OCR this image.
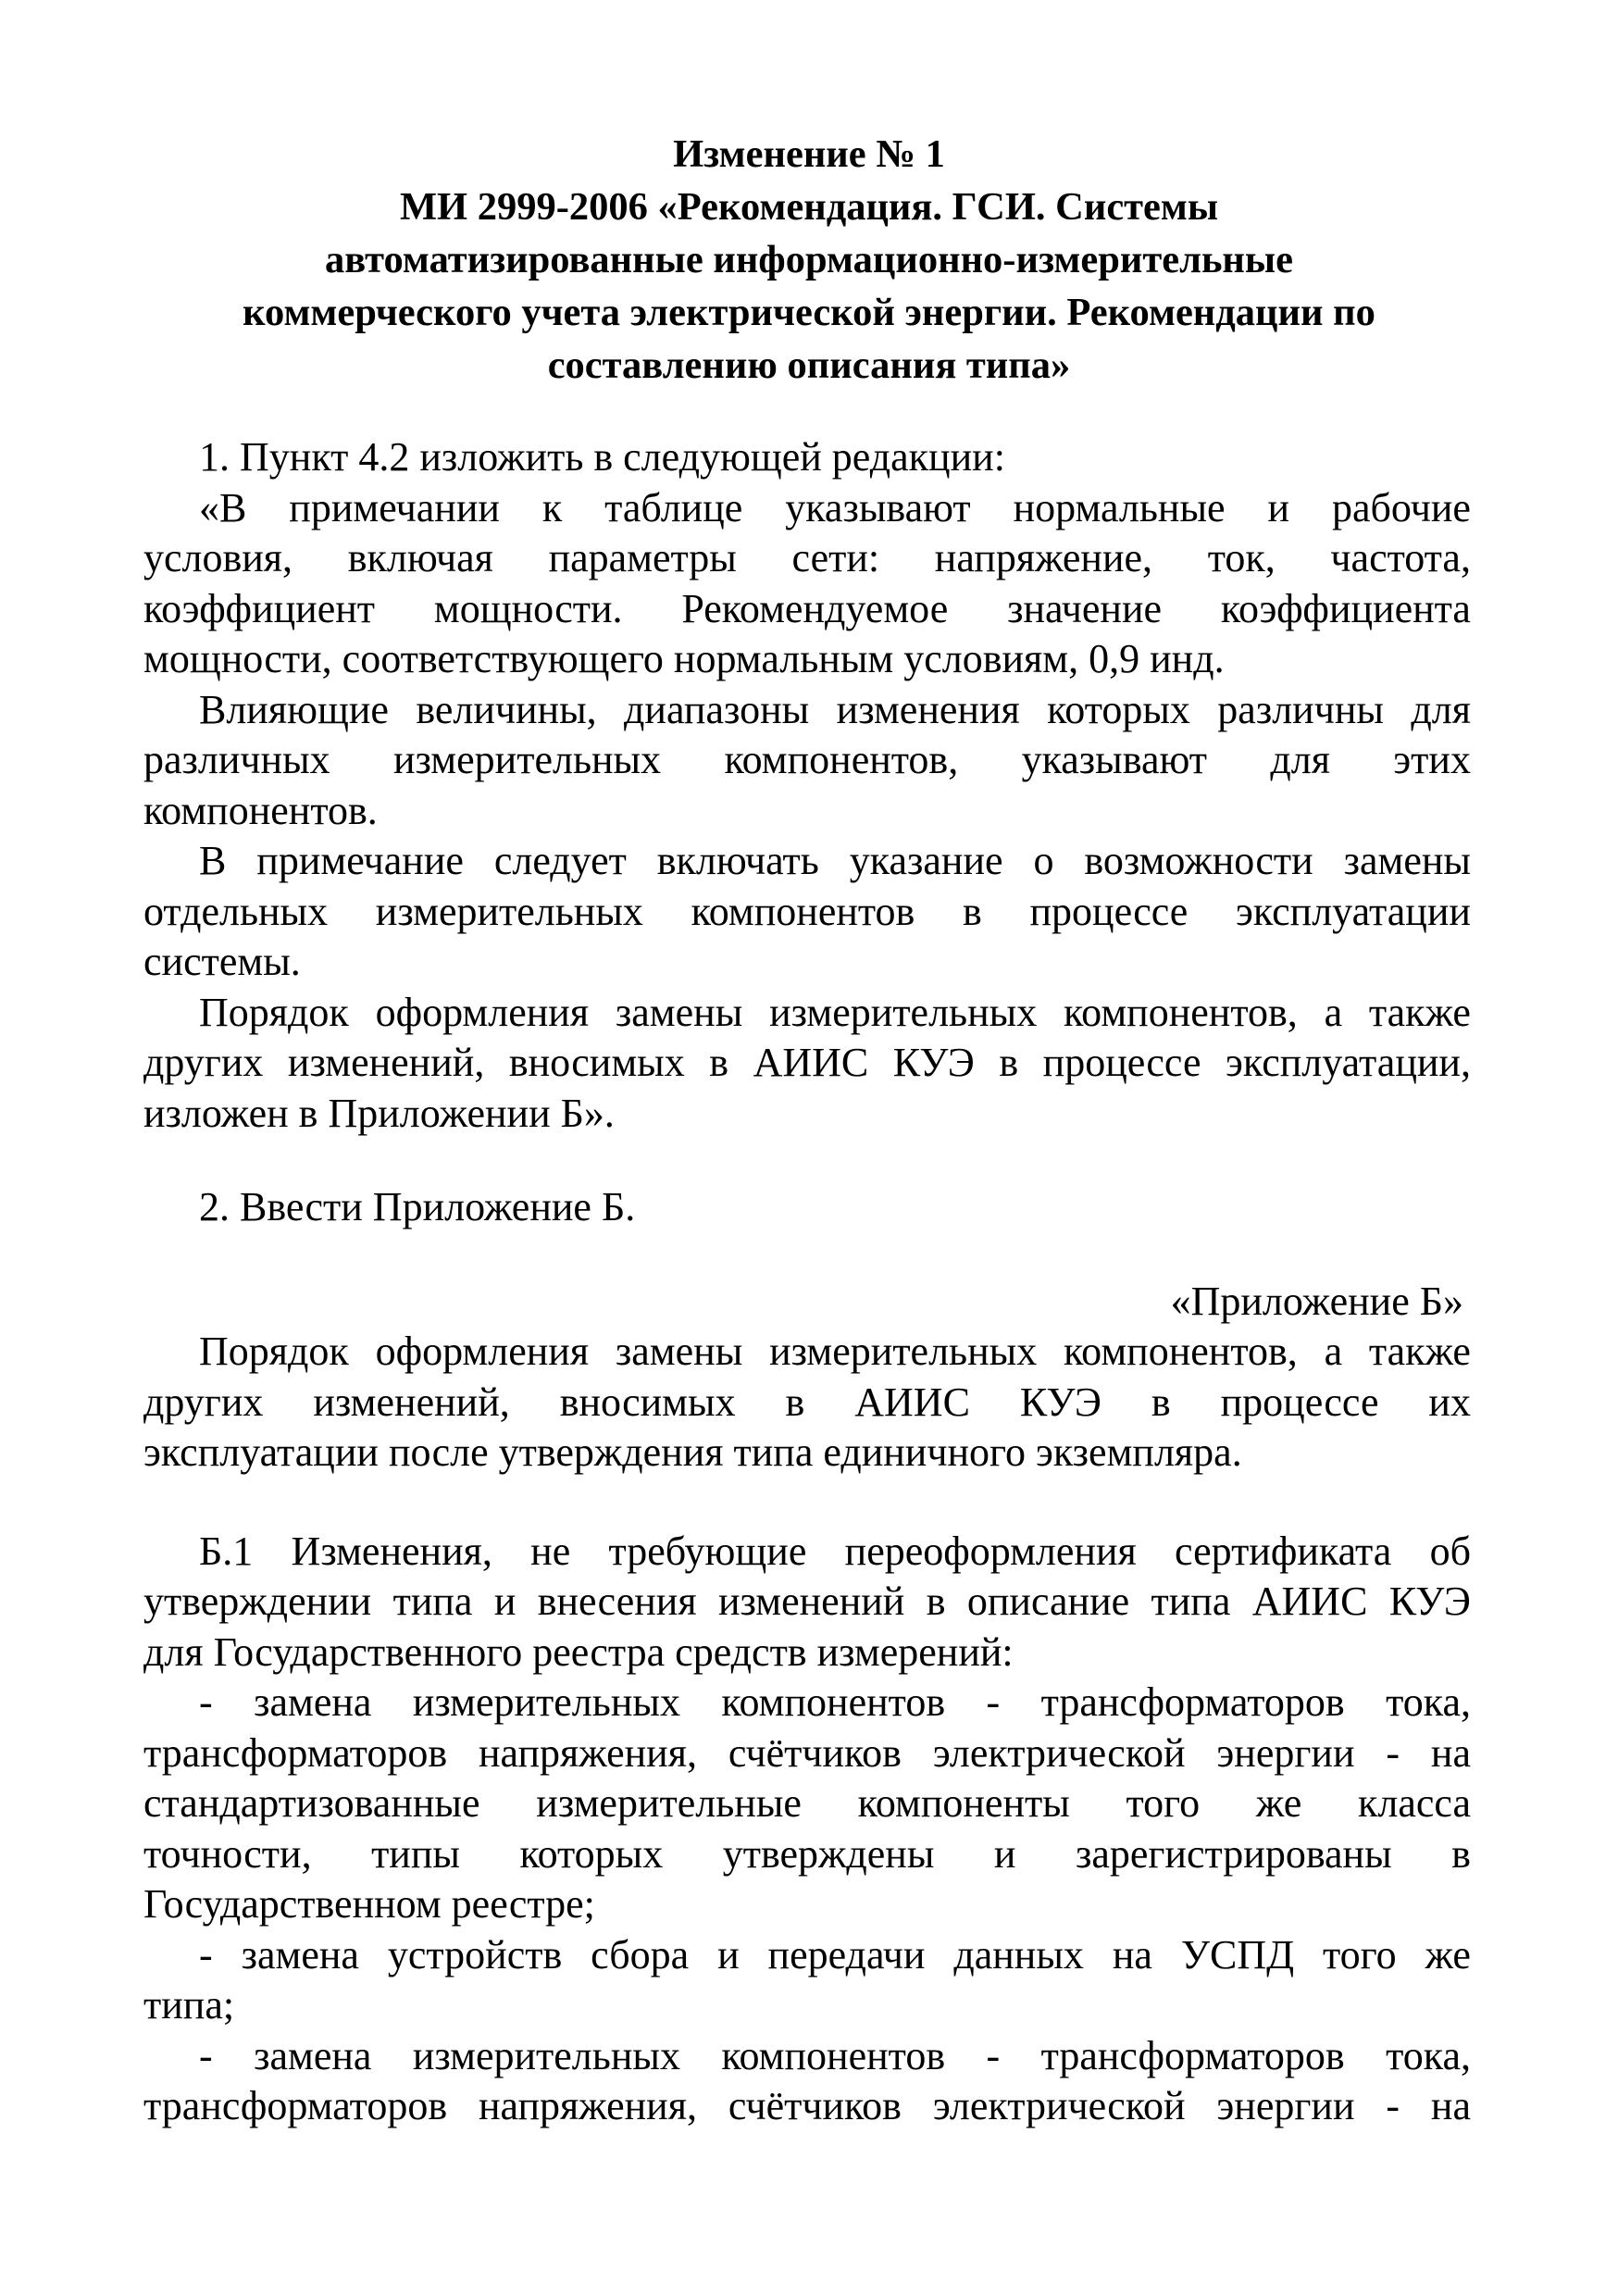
Изменение № 1
МИ 2999-2006 «Рекомендация. ГСИ. Системы
автоматизированные информационно-измерительные
коммерческого учета электрической энергии. Рекомендации по
составлению описания типа»
1. Пункт 4.2 изложить в следующей редакции:
«В примечании к таблице указывают нормальные и рабочие
условия, включая параметры сети: напряжение, ток, частота,
коэффициент мощности. Рекомендуемое значение коэффициента
мощности, соответствующего нормальным условиям, 0,9 инд.
Влияющие величины, диапазоны изменения которых различны для
различных измерительных компонентов, указывают для этих
компонентов.
В примечание следует включать указание о возможности замены
отдельных измерительных компонентов в процессе эксплуатации
системы.
Порядок оформления замены измерительных компонентов, а также
других изменений, вносимых в АИИС КУЭ в процессе эксплуатации,
изложен в Приложении Б».
2. Ввести Приложение Б.
«Приложение Б»
Порядок оформления замены измерительных компонентов, а также
других изменений, вносимых в АИИС КУЭ в процессе их
эксплуатации после утверждения типа единичного экземпляра.
Б.1 Изменения, не требующие переоформления сертификата об
утверждении типа и внесения изменений в описание типа АИИС КУЭ
для Государственного реестра средств измерений:
- замена измерительных компонентов - трансформаторов тока,
трансформаторов напряжения, счётчиков электрической энергии - на
стандартизованные измерительные компоненты того же класса
точности, типы которых утверждены и зарегистрированы в
Государственном реестре;
- замена устройств сбора и передачи данных на УСПД того же
типа;
- замена измерительных компонентов - трансформаторов тока,
трансформаторов напряжения, счётчиков электрической энергии - на
